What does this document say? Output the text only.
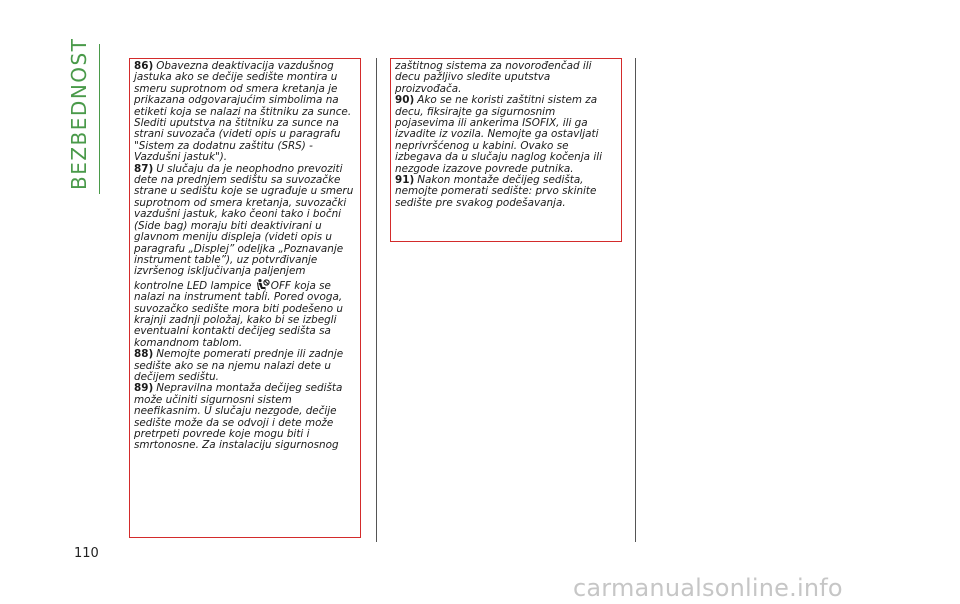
BEZBEDNOST	86) Obavezna deaktivacija vazdušnog jastuka ako se dečije sedište montira u smeru suprotnom od smera kretanja je prikazana odgovarajućim simbolima na etiketi koja se nalazi na štitniku za sunce. Slediti uputstva na štitniku za sunce na strani suvozača (videti opis u paragrafu "Sistem za dodatnu zaštitu (SRS) - Vazdušni jastuk").

87) U slučaju da je neophodno prevoziti dete na prednjem sedištu sa suvozačke strane u sedištu koje se ugrađuje u smeru suprotnom od smera kretanja, suvozački vazdušni jastuk, kako čeoni tako i bočni (Side bag) moraju biti deaktivirani u glavnom meniju displeja (videti opis u paragrafu „Displej” odeljka „Poznavanje instrument table”), uz potvrđivanje izvršenog isključivanja paljenjem kontrolne LED lampice	2 OFF koja se nalazi na instrument tabli. Pored ovoga, suvozačko sedište mora biti podešeno u krajnji zadnji položaj, kako bi se izbegli eventualni kontakti dečijeg sedišta sa komandnom tablom.

88) Nemojte pomerati prednje ili zadnje sedište ako se na njemu nalazi dete u dečijem sedištu.

89) Nepravilna montaža dečijeg sedišta može učiniti sigurnosni sistem neefikasnim. U slučaju nezgode, dečije sedište može da se odvoji i dete može pretrpeti povrede koje mogu biti i smrtonosne. Za instalaciju sigurnosnog

zaštitnog sistema za novorođenčad ili decu pažljivo sledite uputstva proizvođača.

90) Ako se ne koristi zaštitni sistem za decu, fiksirajte ga sigurnosnim pojasevima ili ankerima ISOFIX, ili ga izvadite iz vozila. Nemojte ga ostavljati neprivršćenog u kabini. Ovako se izbegava da u slučaju naglog kočenja ili nezgode izazove povrede putnika.

91) Nakon montaže dečijeg sedišta, nemojte pomerati sedište: prvo skinite sedište pre svakog podešavanja.

110
carmanualsonline.info
